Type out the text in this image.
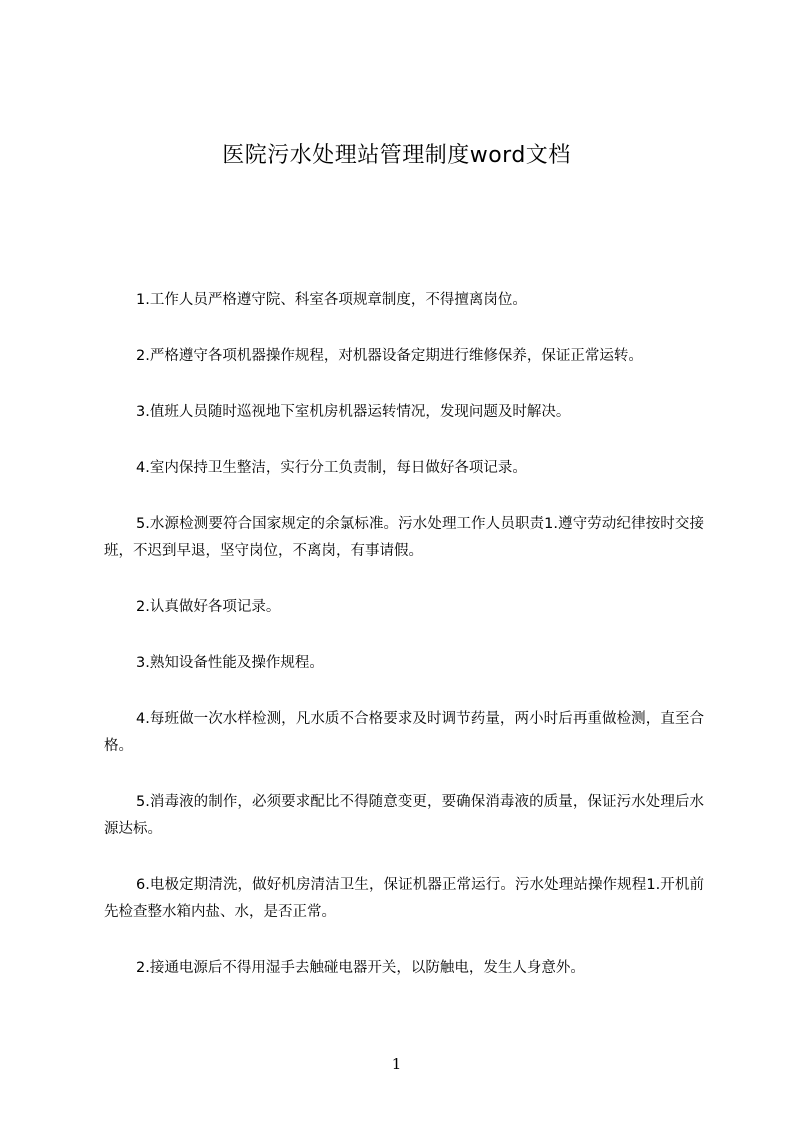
医院污水处理站管理制度word文档

1.工作人员严格遵守院、科室各项规章制度，不得擅离岗位。

2.严格遵守各项机器操作规程，对机器设备定期进行维修保养，保证正常运转。

3.值班人员随时巡视地下室机房机器运转情况，发现问题及时解决。

4.室内保持卫生整洁，实行分工负责制，每日做好各项记录。

5.水源检测要符合国家规定的余氯标准。污水处理工作人员职责1.遵守劳动纪律按时交接班，不迟到早退，坚守岗位，不离岗，有事请假。

2.认真做好各项记录。

3.熟知设备性能及操作规程。

4.每班做一次水样检测，凡水质不合格要求及时调节药量，两小时后再重做检测，直至合格。

5.消毒液的制作，必须要求配比不得随意变更，要确保消毒液的质量，保证污水处理后水源达标。

6.电极定期清洗，做好机房清洁卫生，保证机器正常运行。污水处理站操作规程1.开机前先检查整水箱内盐、水，是否正常。

2.接通电源后不得用湿手去触碰电器开关，以防触电，发生人身意外。

1
